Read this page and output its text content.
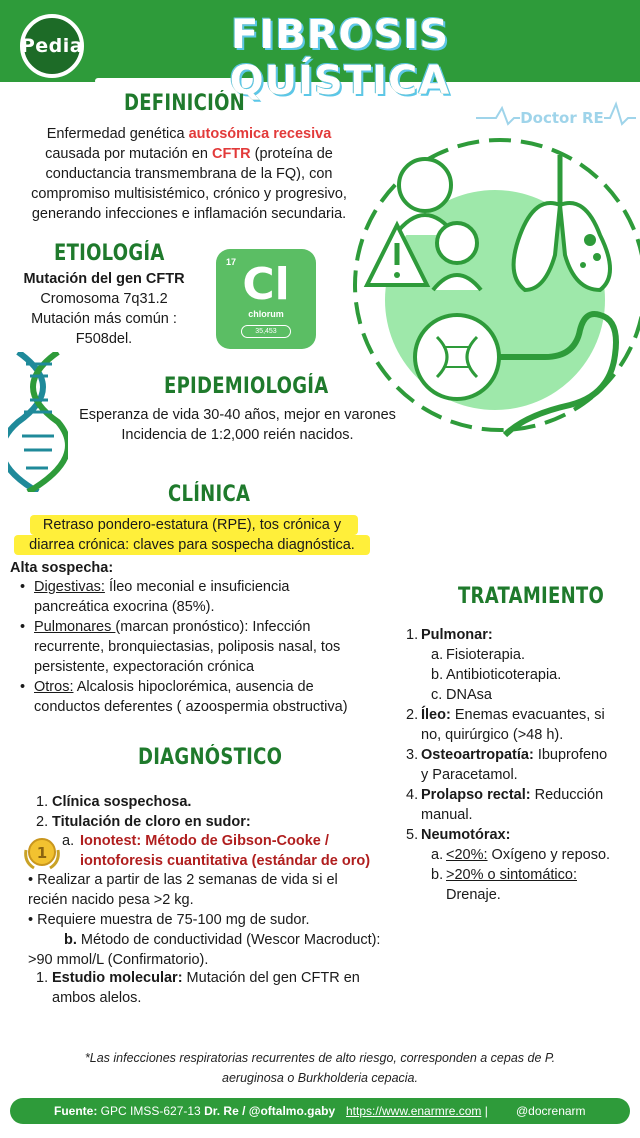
Pedia	FIBROSIS QUÍSTICA
Doctor RE
DEFINICIÓN
Enfermedad genética autosómica recesiva
causada por mutación en CFTR (proteína de
conductancia transmembrana de la FQ), con
compromiso multisistémico, crónico y progresivo,
generando infecciones e inflamación secundaria.
ETIOLOGÍA
Mutación del gen CFTR
Cromosoma 7q31.2
Mutación más común :
F508del.
17 Cl
chlorum
35,453
EPIDEMIOLOGÍA
Esperanza de vida 30-40 años, mejor en varones
Incidencia de 1:2,000 reién nacidos.
CLÍNICA
Retraso pondero-estatura (RPE), tos crónica y
diarrea crónica: claves para sospecha diagnóstica.
Alta sospecha:
• Digestivas: Íleo meconial e insuficiencia
pancreática exocrina (85%).
• Pulmonares (marcan pronóstico): Infección
recurrente, bronquiectasias, poliposis nasal, tos
persistente, expectoración crónica
• Otros: Alcalosis hipoclorémica, ausencia de
conductos deferentes ( azoospermia obstructiva)
TRATAMIENTO
1. Pulmonar:
a. Fisioterapia.
b. Antibioticoterapia.
c. DNAsa
2. Íleo: Enemas evacuantes, si
no, quirúrgico (>48 h).
3. Osteoartropatía: Ibuprofeno
y Paracetamol.
4. Prolapso rectal: Reducción
manual.
5. Neumotórax:
a. <20%: Oxígeno y reposo.
b. >20% o sintomático:
Drenaje.
DIAGNÓSTICO
1. Clínica sospechosa.
2. Titulación de cloro en sudor:
1
a. Ionotest: Método de Gibson-Cooke /
iontoforesis cuantitativa (estándar de oro)
• Realizar a partir de las 2 semanas de vida si el
recién nacido pesa >2 kg.
• Requiere muestra de 75-100 mg de sudor.
b. Método de conductividad (Wescor Macroduct):
>90 mmol/L (Confirmatorio).
1. Estudio molecular: Mutación del gen CFTR en
ambos alelos.
*Las infecciones respiratorias recurrentes de alto riesgo, corresponden a cepas de P.
aeruginosa o Burkholderia cepacia.
Fuente: GPC IMSS-627-13 Dr. Re / @oftalmo.gaby https://www.enarmre.com | @docrenarm
